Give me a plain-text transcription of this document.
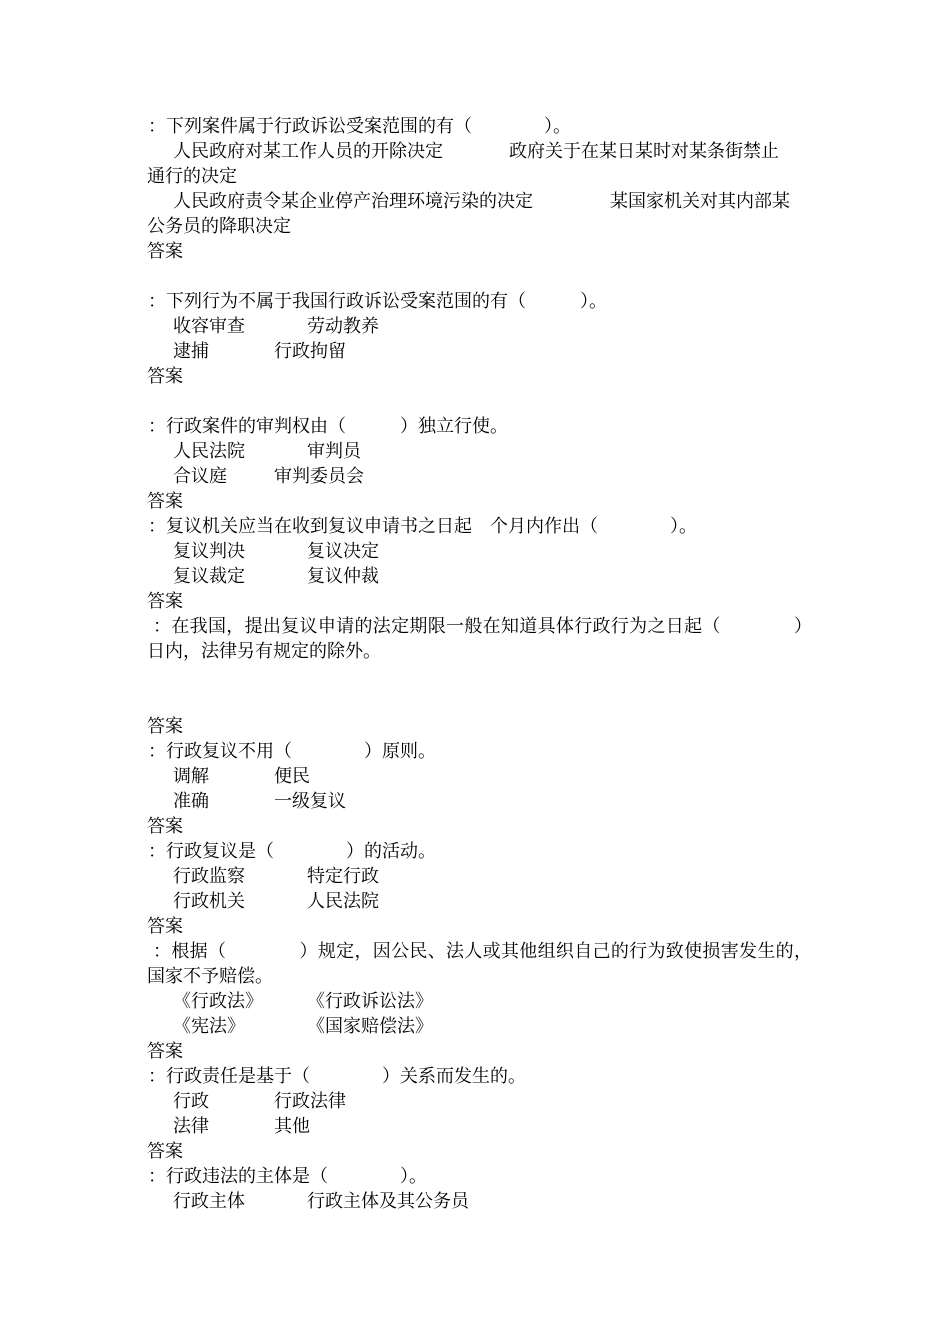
：下列案件属于行政诉讼受案范围的有（　　　　）。
人民政府对某工作人员的开除决定	政府关于在某日某时对某条街禁止
通行的决定
人民政府责令某企业停产治理环境污染的决定	某国家机关对其内部某
公务员的降职决定
答案
：下列行为不属于我国行政诉讼受案范围的有（　　　）。
收容审查	劳动教养
逮捕	行政拘留
答案
：行政案件的审判权由（　　　）独立行使。
人民法院	审判员
合议庭	审判委员会
答案
：复议机关应当在收到复议申请书之日起　个月内作出（　　　　）。
复议判决	复议决定
复议裁定	复议仲裁
答案
：在我国，提出复议申请的法定期限一般在知道具体行政行为之日起（　　　　）日内，法律另有规定的除外。
答案
：行政复议不用（　　　　）原则。
调解	便民
准确	一级复议
答案
：行政复议是（　　　　）的活动。
行政监察	特定行政
行政机关	人民法院
答案
：根据（　　　　）规定，因公民、法人或其他组织自己的行为致使损害发生的，国家不予赔偿。
《行政法》 《行政诉讼法》
《宪法》	《国家赔偿法》
答案
：行政责任是基于（　　　　）关系而发生的。
行政	行政法律
法律	其他
答案
：行政违法的主体是（　　　　）。
行政主体	行政主体及其公务员
